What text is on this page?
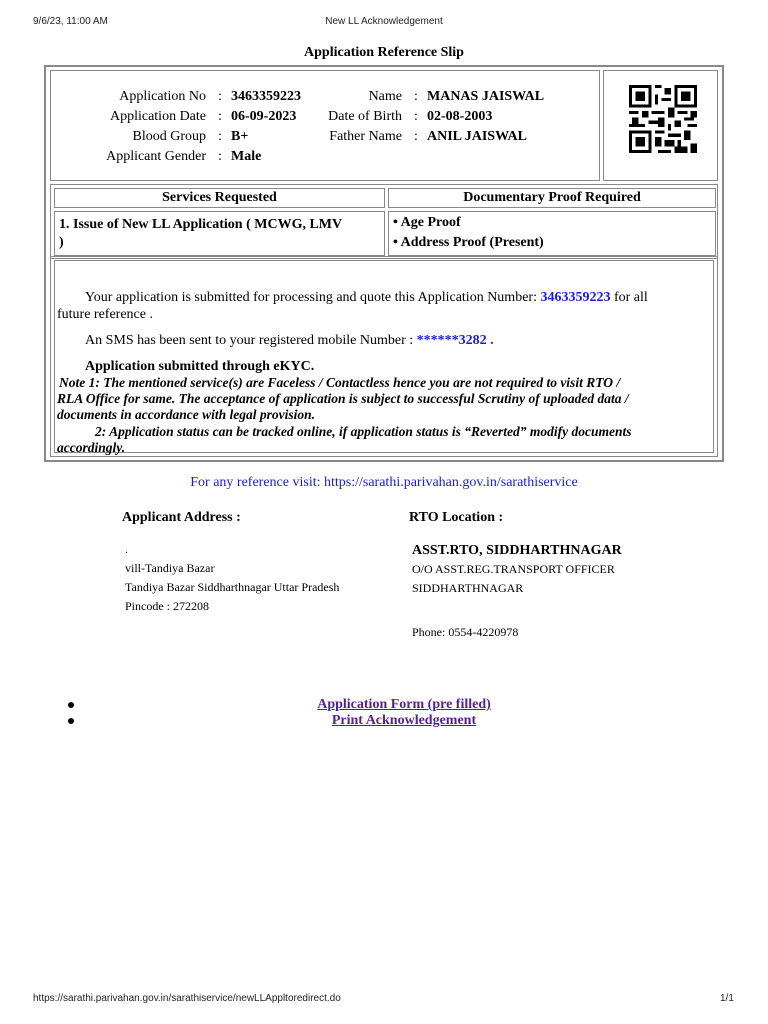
9/6/23, 11:00 AM	New LL Acknowledgement
Application Reference Slip
Application No : 3463359223
Application Date : 06-09-2023
Blood Group : B+
Applicant Gender : Male
Name : MANAS JAISWAL
Date of Birth : 02-08-2003
Father Name : ANIL JAISWAL
Services Requested	Documentary Proof Required
1. Issue of New LL Application ( MCWG, LMV
)
• Age Proof
• Address Proof (Present)
Your application is submitted for processing and quote this Application Number: 3463359223 for all
future reference .
An SMS has been sent to your registered mobile Number : ******3282 .
Application submitted through eKYC.
Note 1: The mentioned service(s) are Faceless / Contactless hence you are not required to visit RTO /
RLA Office for same. The acceptance of application is subject to successful Scrutiny of uploaded data /
documents in accordance with legal provision.
2: Application status can be tracked online, if application status is “Reverted” modify documents
accordingly.
For any reference visit: https://sarathi.parivahan.gov.in/sarathiservice
Applicant Address :
.
vill-Tandiya Bazar
Tandiya Bazar Siddharthnagar Uttar Pradesh
Pincode : 272208
RTO Location :
ASST.RTO, SIDDHARTHNAGAR
O/O ASST.REG.TRANSPORT OFFICER
SIDDHARTHNAGAR
Phone: 0554-4220978
Application Form (pre filled)
Print Acknowledgement
https://sarathi.parivahan.gov.in/sarathiservice/newLLAppltoredirect.do	1/1
